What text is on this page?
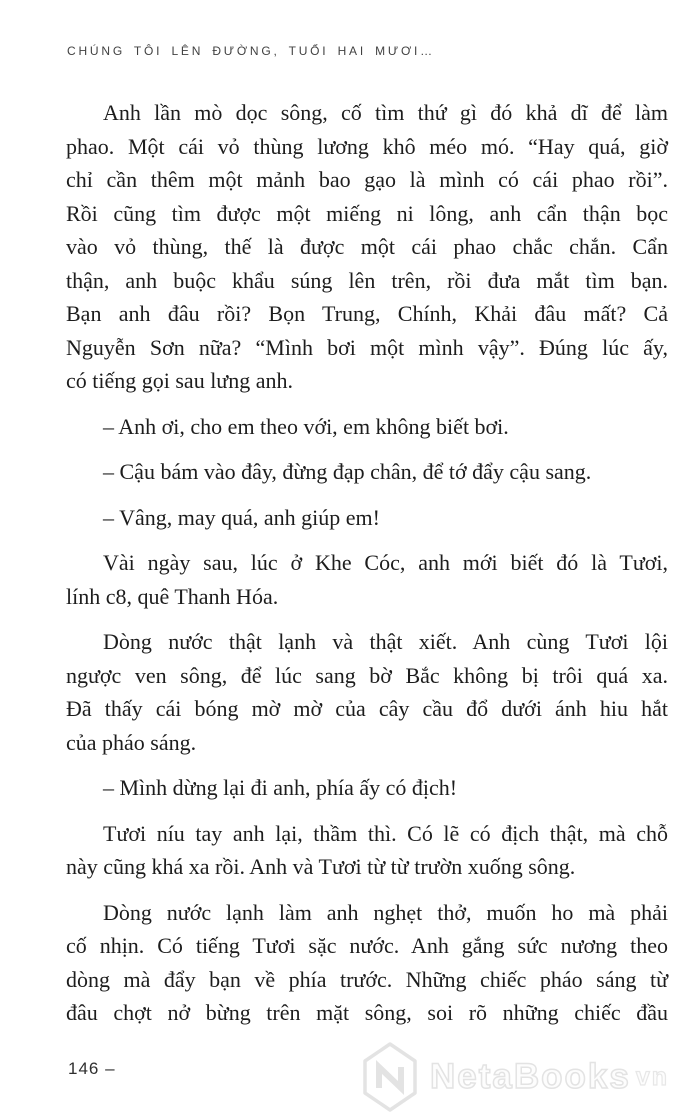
CHÚNG TÔI LÊN ĐƯỜNG, TUỔI HAI MƯƠI…
Anh lần mò dọc sông, cố tìm thứ gì đó khả dĩ để làm
phao. Một cái vỏ thùng lương khô méo mó. “Hay quá, giờ
chỉ cần thêm một mảnh bao gạo là mình có cái phao rồi”.
Rồi cũng tìm được một miếng ni lông, anh cẩn thận bọc
vào vỏ thùng, thế là được một cái phao chắc chắn. Cẩn
thận, anh buộc khẩu súng lên trên, rồi đưa mắt tìm bạn.
Bạn anh đâu rồi? Bọn Trung, Chính, Khải đâu mất? Cả
Nguyễn Sơn nữa? “Mình bơi một mình vậy”. Đúng lúc ấy,
có tiếng gọi sau lưng anh.
– Anh ơi, cho em theo với, em không biết bơi.
– Cậu bám vào đây, đừng đạp chân, để tớ đẩy cậu sang.
– Vâng, may quá, anh giúp em!
Vài ngày sau, lúc ở Khe Cóc, anh mới biết đó là Tươi,
lính c8, quê Thanh Hóa.
Dòng nước thật lạnh và thật xiết. Anh cùng Tươi lội
ngược ven sông, để lúc sang bờ Bắc không bị trôi quá xa.
Đã thấy cái bóng mờ mờ của cây cầu đổ dưới ánh hiu hắt
của pháo sáng.
– Mình dừng lại đi anh, phía ấy có địch!
Tươi níu tay anh lại, thầm thì. Có lẽ có địch thật, mà chỗ
này cũng khá xa rồi. Anh và Tươi từ từ trườn xuống sông.
Dòng nước lạnh làm anh nghẹt thở, muốn ho mà phải
cố nhịn. Có tiếng Tươi sặc nước. Anh gắng sức nương theo
dòng mà đẩy bạn về phía trước. Những chiếc pháo sáng từ
đâu chợt nở bừng trên mặt sông, soi rõ những chiếc đầu
146 –	NetaBooks vn
